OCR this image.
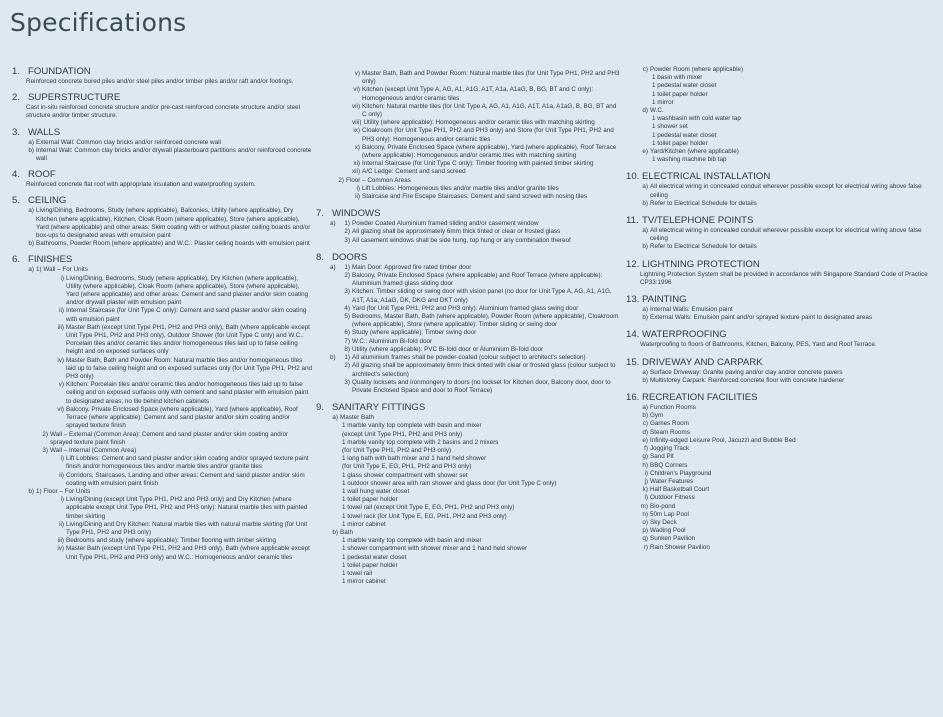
Specifications
1. FOUNDATION
Reinforced concrete bored piles and/or steel piles and/or timber piles and/or raft and/or footings.
2. SUPERSTRUCTURE
Cast in-situ reinforced concrete structure and/or pre-cast reinforced concrete structure and/or steel structure and/or timber structure.
3. WALLS
a) External Wall: Common clay bricks and/or reinforced concrete wall
b) Internal Wall: Common clay bricks and/or drywall plasterboard partitions and/or reinforced concrete wall
4. ROOF
Reinforced concrete flat roof with appropriate insulation and waterproofing system.
5. CEILING
a) Living/Dining, Bedrooms, Study (where applicable), Balconies, Utility (where applicable), Dry Kitchen (where applicable), Kitchen, Cloak Room (where applicable), Store (where applicable), Yard (where applicable) and other areas: Skim coating with or without plaster ceiling boards and/or box-ups to designated areas with emulsion paint
b) Bathrooms, Powder Room (where applicable) and W.C.: Plaster ceiling boards with emulsion paint
6. FINISHES
a) 1) Wall – For Units
i) Living/Dining, Bedrooms, Study (where applicable), Dry Kitchen (where applicable), Utility (where applicable), Cloak Room (where applicable), Store (where applicable), Yard (where applicable) and other areas: Cement and sand plaster and/or skim coating and/or drywall plaster with emulsion paint
ii) Internal Staircase (for Unit Type C only): Cement and sand plaster and/or skim coating with emulsion paint
iii) Master Bath (except Unit Type PH1, PH2 and PH3 only), Bath (where applicable except Unit Type PH1, PH2 and PH3 only), Outdoor Shower (for Unit Type C only) and W.C.: Porcelain tiles and/or ceramic tiles and/or homogeneous tiles laid up to false ceiling height and on exposed surfaces only
iv) Master Bath, Bath and Powder Room: Natural marble tiles and/or homogeneous tiles laid up to false ceiling height and on exposed surfaces only (for Unit Type PH1, PH2 and PH3 only)
v) Kitchen: Porcelain tiles and/or ceramic tiles and/or homogeneous tiles laid up to false ceiling and on exposed surfaces only with cement and sand plaster with emulsion paint to designated areas; no tile behind kitchen cabinets
vi) Balcony, Private Enclosed Space (where applicable), Yard (where applicable), Roof Terrace (where applicable): Cement and sand plaster and/or skim coating and/or sprayed texture finish
2) Wall – External (Common Area): Cement and sand plaster and/or skim coating and/or sprayed texture paint finish
3) Wall – Internal (Common Area)
i) Lift Lobbies: Cement and sand plaster and/or skim coating and/or sprayed texture paint finish and/or homogeneous tiles and/or marble tiles and/or granite tiles
ii) Corridors, Staircases, Landing and other areas: Cement and sand plaster and/or skim coating with emulsion paint finish
b) 1) Floor – For Units
i) Living/Dining (except Unit Type PH1, PH2 and PH3 only) and Dry Kitchen (where applicable except Unit Type PH1, PH2 and PH3 only): Natural marble tiles with painted timber skirting
ii) Living/Dining and Dry Kitchen: Natural marble tiles with natural marble skirting (for Unit Type PH1, PH2 and PH3 only)
iii) Bedrooms and study (where applicable): Timber flooring with timber skirting
iv) Master Bath (except Unit Type PH1, PH2 and PH3 only), Bath (where applicable except Unit Type PH1, PH2 and PH3 only) and W.C.: Homogeneous and/or ceramic tiles
v) Master Bath, Bath and Powder Room: Natural marble tiles (for Unit Type PH1, PH2 and PH3 only)
vi) Kitchen (except Unit Type A, AG, A1, A1G, A1T, A1a, A1aG, B, BG, BT and C only): Homogeneous and/or ceramic tiles
vii) Kitchen: Natural marble tiles (for Unit Type A, AG, A1, A1G, A1T, A1a, A1aG, B, BG, BT and C only)
viii) Utility (where applicable): Homogeneous and/or ceramic tiles with matching skirting
ix) Cloakroom (for Unit Type PH1, PH2 and PH3 only) and Store (for Unit Type PH1, PH2 and PH3 only): Homogeneous and/or ceramic tiles
x) Balcony, Private Enclosed Space (where applicable), Yard (where applicable), Roof Terrace (where applicable): Homogeneous and/or ceramic tiles with matching skirting
xi) Internal Staircase (for Unit Type C only): Timber flooring with painted timber skirting
xii) A/C Ledge: Cement and sand screed
2) Floor – Common Areas
i) Lift Lobbies: Homogeneous tiles and/or marble tiles and/or granite tiles
ii) Staircase and Fire Escape Staircases: Cement and sand screed with nosing tiles
7. WINDOWS
a)	1) Powder Coated Aluminium framed sliding and/or casement window
2) All glazing shall be approximately 6mm thick tinted or clear or frosted glass
3) All casement windows shall be side hung, top hung or any combination thereof
8. DOORS
a)	1) Main Door: Approved fire rated timber door
2) Balcony, Private Enclosed Space (where applicable) and Roof Terrace (where applicable): Aluminium framed glass sliding door
3) Kitchen: Timber sliding or swing door with vision panel (no door for Unit Type A, AG, A1, A1G, A1T, A1a, A1aG, DK, DKG and DKT only)
4) Yard (for Unit Type PH1, PH2 and PH3 only): Aluminium framed glass swing door
5) Bedrooms, Master Bath, Bath (where applicable), Powder Room (where applicable), Cloakroom (where applicable), Store (where applicable): Timber sliding or swing door
6) Study (where applicable): Timber swing door
7) W.C.: Aluminium Bi-fold door
8) Utility (where applicable): PVC Bi-fold door or Aluminium Bi-fold door
b)	1) All aluminium frames shall be powder-coated (colour subject to architect's selection)
2) All glazing shall be approximately 6mm thick tinted with clear or frosted glass (colour subject to architect's selection)
3) Quality locksets and ironmongery to doors (no lockset for Kitchen door, Balcony door, door to Private Enclosed Space and door to Roof Terrace)
9. SANITARY FITTINGS
a) Master Bath
1 marble vanity top complete with basin and mixer
(except Unit Type PH1, PH2 and PH3 only)
1 marble vanity top complete with 2 basins and 2 mixers
(for Unit Type PH1, PH2 and PH3 only)
1 long bath with bath mixer and 1 hand held shower
(for Unit Type E, EG, PH1, PH2 and PH3 only)
1 glass shower compartment with shower set
1 outdoor shower area with rain shower and glass door (for Unit Type C only)
1 wall hung water closet
1 toilet paper holder
1 towel rail (except Unit Type E, EG, PH1, PH2 and PH3 only)
1 towel rack (for Unit Type E, EG, PH1, PH2 and PH3 only)
1 mirror cabinet
b) Bath
1 marble vanity top complete with basin and mixer
1 shower compartment with shower mixer and 1 hand held shower
1 pedestal water closet
1 toilet paper holder
1 towel rail
1 mirror cabinet
c) Powder Room (where applicable)
1 basin with mixer
1 pedestal water closet
1 toilet paper holder
1 mirror
d) W.C.
1 washbasin with cold water tap
1 shower set
1 pedestal water closet
1 toilet paper holder
e) Yard/Kitchen (where applicable)
1 washing machine bib tap
10. ELECTRICAL INSTALLATION
a) All electrical wiring in concealed conduit wherever possible except for electrical wiring above false ceiling
b) Refer to Electrical Schedule for details
11. TV/TELEPHONE POINTS
a) All electrical wiring in concealed conduit wherever possible except for electrical wiring above false ceiling
b) Refer to Electrical Schedule for details
12. LIGHTNING PROTECTION
Lightning Protection System shall be provided in accordance with Singapore Standard Code of Practice CP33:1996
13. PAINTING
a) Internal Walls: Emulsion paint
b) External Walls: Emulsion paint and/or sprayed texture paint to designated areas
14. WATERPROOFING
Waterproofing to floors of Bathrooms, Kitchen, Balcony, PES, Yard and Roof Terrace.
15. DRIVEWAY AND CARPARK
a) Surface Driveway: Granite paving and/or clay and/or concrete pavers
b) Multistorey Carpark: Reinforced concrete floor with concrete hardener
16. RECREATION FACILITIES
a) Function Rooms
b) Gym
c) Games Room
d) Steam Rooms
e) Infinity-edged Leisure Pool, Jacuzzi and Bubble Bed
f) Jogging Track
g) Sand Pit
h) BBQ Corners
i) Children's Playground
j) Water Features
k) Half Basketball Court
l) Outdoor Fitness
m) Bio-pond
n) 50m Lap Pool
o) Sky Deck
p) Wading Pool
q) Sunken Pavilion
r) Rain Shower Pavilion
